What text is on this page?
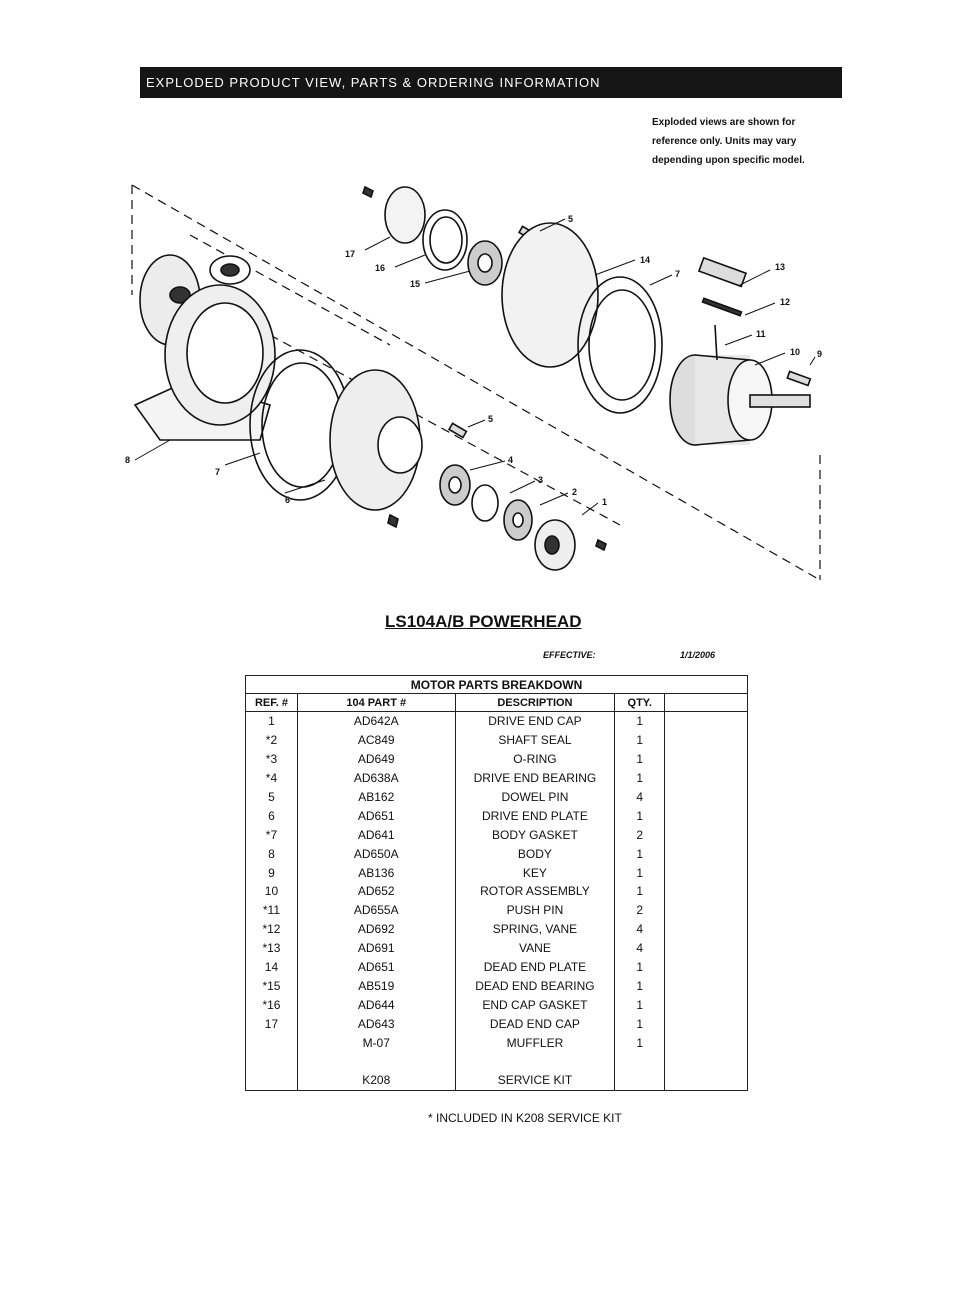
EXPLODED PRODUCT VIEW, PARTS & ORDERING INFORMATION
Exploded views are shown for
reference only. Units may vary
depending upon specific model.
1
2
3
4
5
5
6
7
7
8
9
10
11
12
13
14
15
16
17
LS104A/B POWERHEAD
EFFECTIVE:	1/1/2006
MOTOR PARTS BREAKDOWN				
REF. #	104 PART #	DESCRIPTION	QTY.	
1	AD642A	DRIVE END CAP	1	
*2	AC849	SHAFT SEAL	1	
*3	AD649	O-RING	1	
*4	AD638A	DRIVE END BEARING	1	
5	AB162	DOWEL PIN	4	
6	AD651	DRIVE END PLATE	1	
*7	AD641	BODY GASKET	2	
8	AD650A	BODY	1	
9	AB136	KEY	1	
10	AD652	ROTOR ASSEMBLY	1	
*11	AD655A	PUSH PIN	2	
*12	AD692	SPRING, VANE	4	
*13	AD691	VANE	4	
14	AD651	DEAD END PLATE	1	
*15	AB519	DEAD END BEARING	1	
*16	AD644	END CAP GASKET	1	
17	AD643	DEAD END CAP	1	
	M-07	MUFFLER	1	

	K208	SERVICE KIT		
* INCLUDED IN K208 SERVICE KIT
